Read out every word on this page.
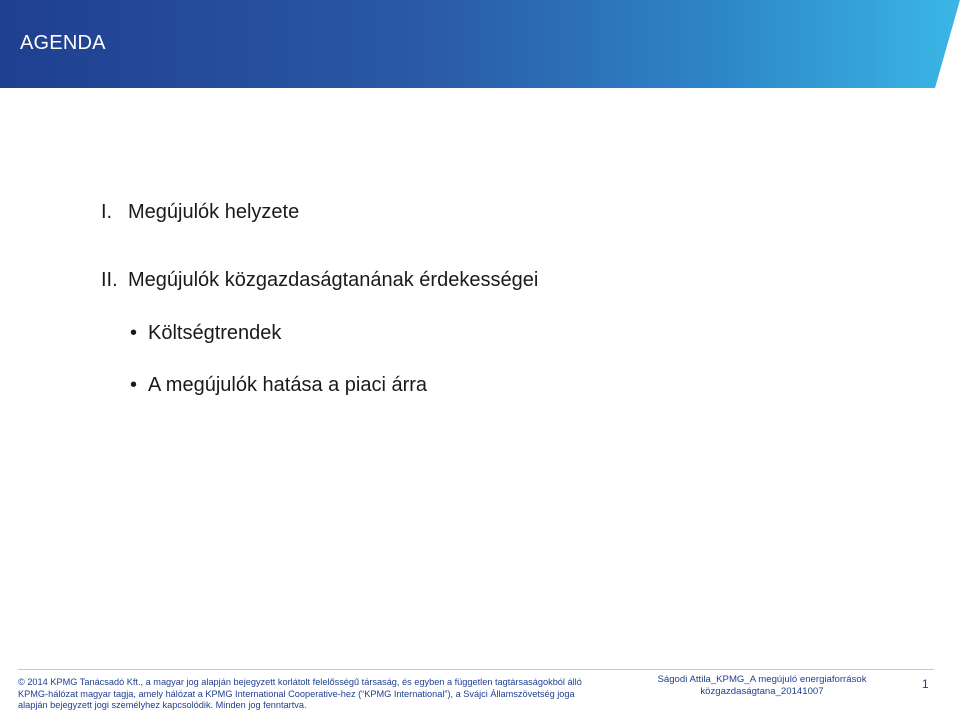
AGENDA
I. Megújulók helyzete
II. Megújulók közgazdaságtanának érdekességei
• Költségtrendek
• A megújulók hatása a piaci árra
© 2014 KPMG Tanácsadó Kft., a magyar jog alapján bejegyzett korlátolt felelősségű társaság, és egyben a független tagtársaságokból álló
KPMG-hálózat magyar tagja, amely hálózat a KPMG International Cooperative-hez (“KPMG International”), a Svájci Államszövetség joga
alapján bejegyzett jogi személyhez kapcsolódik. Minden jog fenntartva.
Ságodi Attila_KPMG_A megújuló energiaforrások
közgazdaságtana_20141007
1
